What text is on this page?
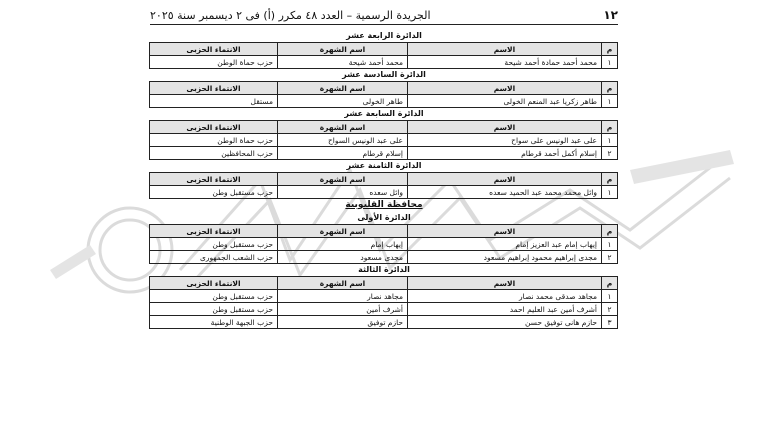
١٢
الجريدة الرسمية – العدد ٤٨ مكرر (أ) فى ٢ ديسمبر سنة ٢٠٢٥
الدائرة الرابعة عشر
م	الاسم	اسم الشهرة	الانتماء الحزبى
١	محمد أحمد حمادة أحمد شيحة	محمد أحمد شيحة	حزب حماة الوطن
الدائرة السادسة عشر
م	الاسم	اسم الشهرة	الانتماء الحزبى
١	طاهر زكريا عبد المنعم الخولى	طاهر الخولى	مستقل
الدائرة السابعة عشر
م	الاسم	اسم الشهرة	الانتماء الحزبى
١	على عبد الونيس على سواح	على عبد الونيس السواح	حزب حماة الوطن
٢	إسلام أكمل أحمد قرطام	إسلام قرطام	حزب المحافظين
الدائرة الثامنة عشر
م	الاسم	اسم الشهرة	الانتماء الحزبى
١	وائل محمد محمد عبد الحميد سعده	وائل سعده	حزب مستقبل وطن
محافظة القليوبية
الدائرة الأولى
م	الاسم	اسم الشهرة	الانتماء الحزبى
١	إيهاب إمام عبد العزيز إمام	إيهاب إمام	حزب مستقبل وطن
٢	مجدى إبراهيم محمود إبراهيم مسعود	مجدى مسعود	حزب الشعب الجمهورى
الدائرة الثالثة
م	الاسم	اسم الشهرة	الانتماء الحزبى
١	مجاهد صدقى محمد نصار	مجاهد نصار	حزب مستقبل وطن
٢	أشرف أمين عبد العليم احمد	أشرف أمين	حزب مستقبل وطن
٣	حازم هانى توفيق حسن	حازم توفيق	حزب الجبهة الوطنية
